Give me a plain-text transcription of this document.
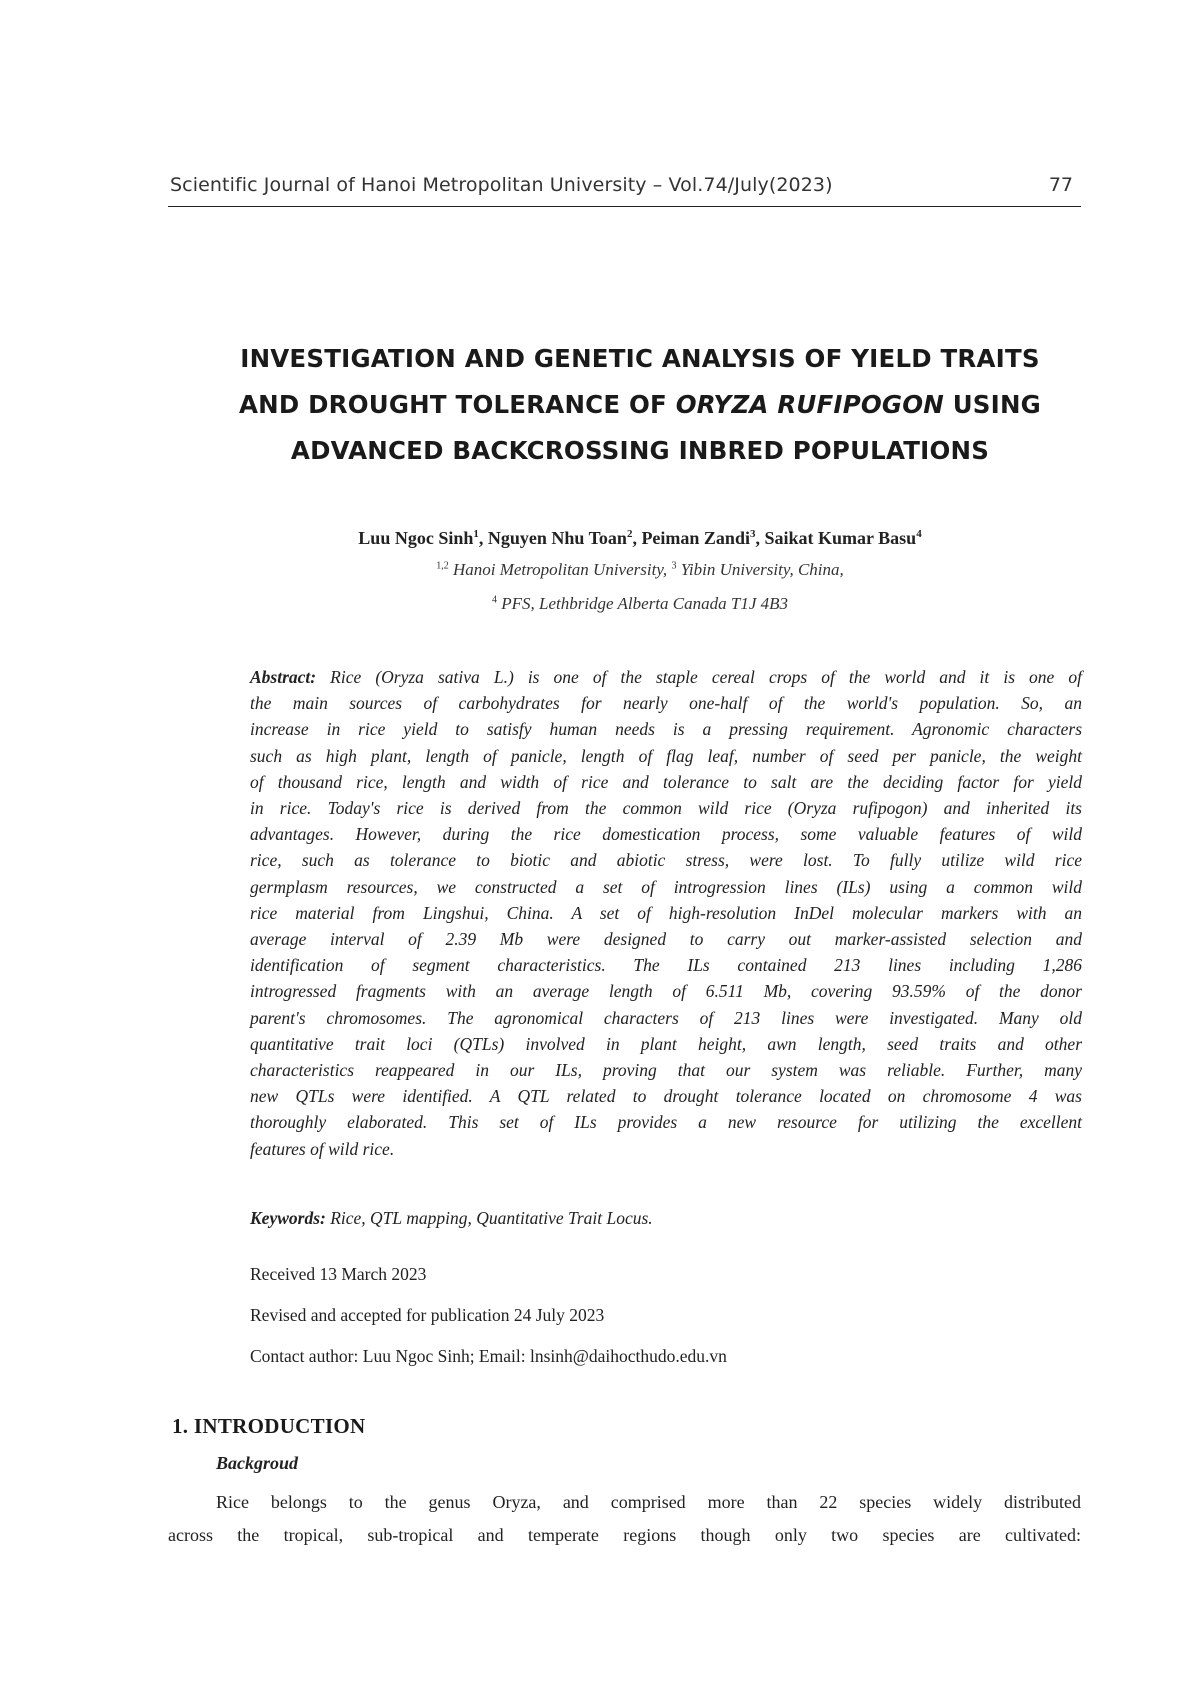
Scientific Journal of Hanoi Metropolitan University – Vol.74/July(2023)	77
INVESTIGATION AND GENETIC ANALYSIS OF YIELD TRAITS
AND DROUGHT TOLERANCE OF ORYZA RUFIPOGON USING
ADVANCED BACKCROSSING INBRED POPULATIONS
Luu Ngoc Sinh$^1$, Nguyen Nhu Toan$^2$, Peiman Zandi$^3$, Saikat Kumar Basu$^4$
$^{1,2}$ Hanoi Metropolitan University, $^3$ Yibin University, China,
$^4$ PFS, Lethbridge Alberta Canada T1J 4B3
Abstract: Rice (Oryza sativa L.) is one of the staple cereal crops of the world and it is one of
the main sources of carbohydrates for nearly one-half of the world's population. So, an
increase in rice yield to satisfy human needs is a pressing requirement. Agronomic characters
such as high plant, length of panicle, length of flag leaf, number of seed per panicle, the weight
of thousand rice, length and width of rice and tolerance to salt are the deciding factor for yield
in rice. Today's rice is derived from the common wild rice (Oryza rufipogon) and inherited its
advantages. However, during the rice domestication process, some valuable features of wild
rice, such as tolerance to biotic and abiotic stress, were lost. To fully utilize wild rice
germplasm resources, we constructed a set of introgression lines (ILs) using a common wild
rice material from Lingshui, China. A set of high-resolution InDel molecular markers with an
average interval of 2.39 Mb were designed to carry out marker-assisted selection and
identification of segment characteristics. The ILs contained 213 lines including 1,286
introgressed fragments with an average length of 6.511 Mb, covering 93.59% of the donor
parent's chromosomes. The agronomical characters of 213 lines were investigated. Many old
quantitative trait loci (QTLs) involved in plant height, awn length, seed traits and other
characteristics reappeared in our ILs, proving that our system was reliable. Further, many
new QTLs were identified. A QTL related to drought tolerance located on chromosome 4 was
thoroughly elaborated. This set of ILs provides a new resource for utilizing the excellent
features of wild rice.
Keywords: Rice, QTL mapping, Quantitative Trait Locus.
Received 13 March 2023
Revised and accepted for publication 24 July 2023
Contact author: Luu Ngoc Sinh; Email: lnsinh@daihocthudo.edu.vn
1. INTRODUCTION
Backgroud
Rice belongs to the genus Oryza, and comprised more than 22 species widely distributed
across the tropical, sub-tropical and temperate regions though only two species are cultivated:
